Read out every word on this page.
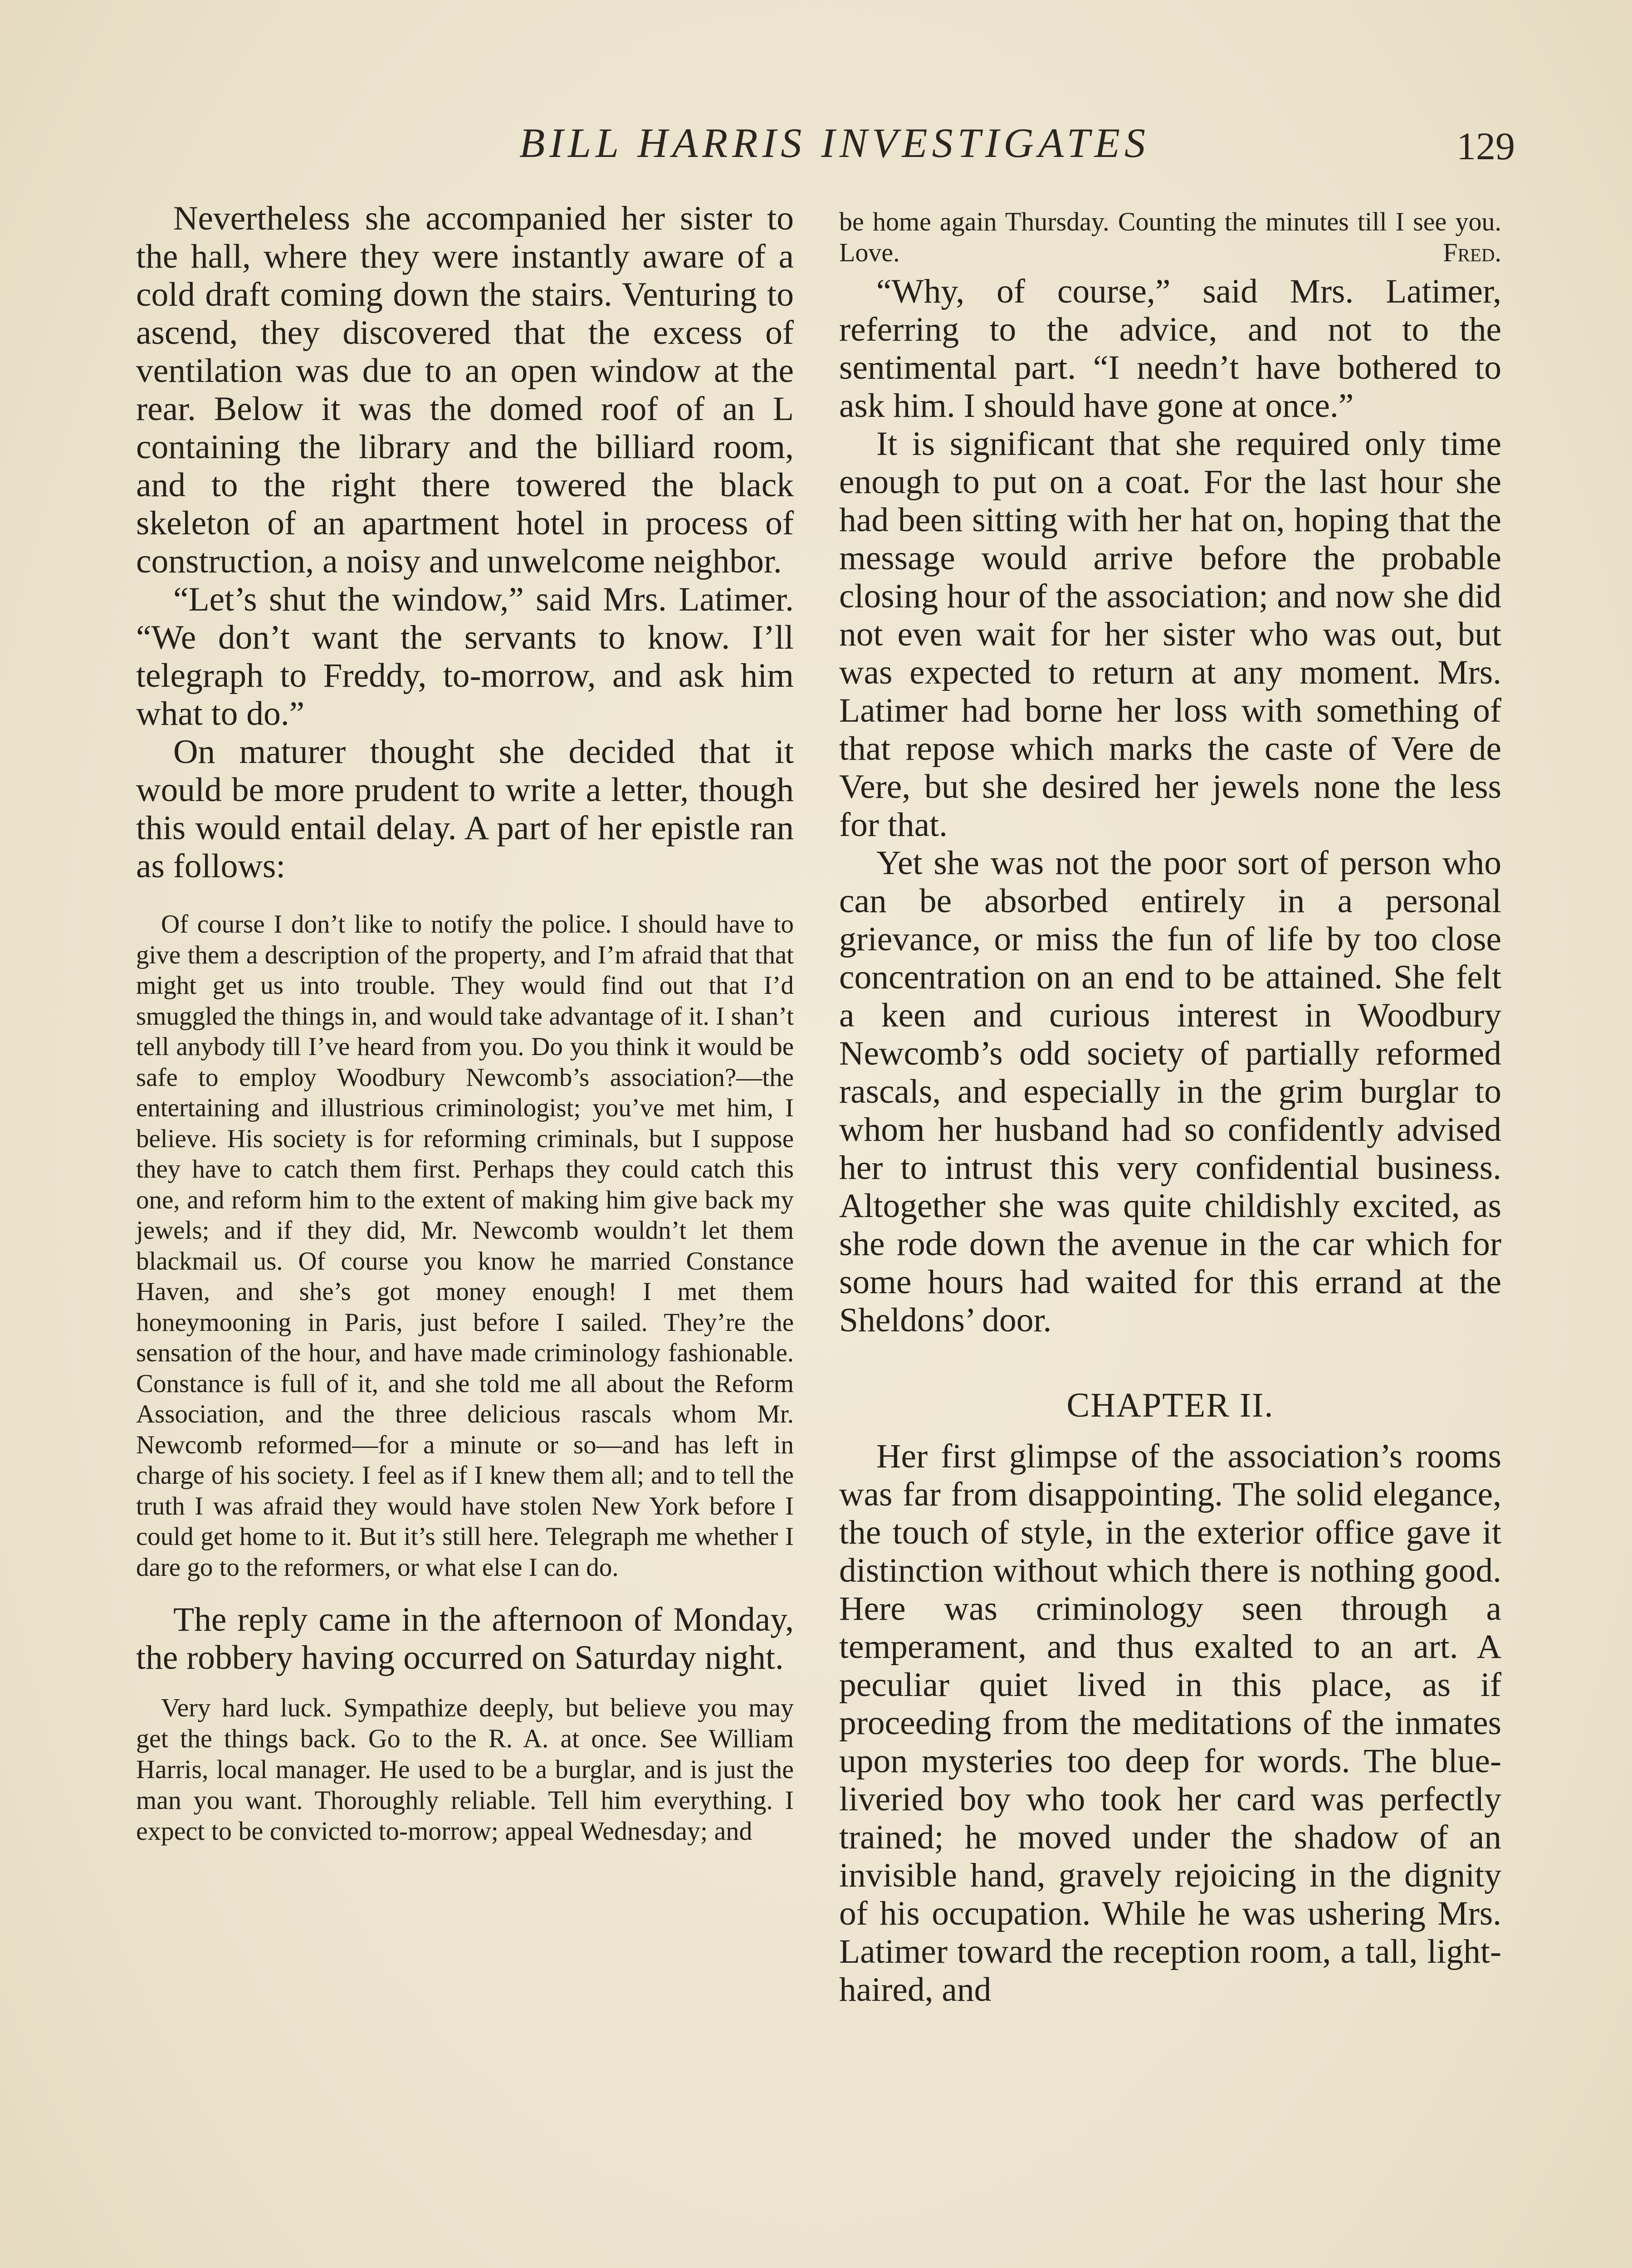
BILL HARRIS INVESTIGATES	129

Nevertheless she accompanied her sister to the hall, where they were instantly aware of a cold draft coming down the stairs. Venturing to ascend, they discovered that the excess of ventilation was due to an open window at the rear. Below it was the domed roof of an L containing the library and the billiard room, and to the right there towered the black skeleton of an apartment hotel in process of construction, a noisy and unwelcome neighbor.

“Let’s shut the window,” said Mrs. Latimer. “We don’t want the servants to know. I’ll telegraph to Freddy, to-morrow, and ask him what to do.”

On maturer thought she decided that it would be more prudent to write a letter, though this would entail delay. A part of her epistle ran as follows:

Of course I don’t like to notify the police. I should have to give them a description of the property, and I’m afraid that that might get us into trouble. They would find out that I’d smuggled the things in, and would take advantage of it. I shan’t tell anybody till I’ve heard from you. Do you think it would be safe to employ Woodbury Newcomb’s association?—the entertaining and illustrious criminologist; you’ve met him, I believe. His society is for reforming criminals, but I suppose they have to catch them first. Perhaps they could catch this one, and reform him to the extent of making him give back my jewels; and if they did, Mr. Newcomb wouldn’t let them blackmail us. Of course you know he married Constance Haven, and she’s got money enough! I met them honeymooning in Paris, just before I sailed. They’re the sensation of the hour, and have made criminology fashionable. Constance is full of it, and she told me all about the Reform Association, and the three delicious rascals whom Mr. Newcomb reformed—for a minute or so—and has left in charge of his society. I feel as if I knew them all; and to tell the truth I was afraid they would have stolen New York before I could get home to it. But it’s still here. Telegraph me whether I dare go to the reformers, or what else I can do.

The reply came in the afternoon of Monday, the robbery having occurred on Saturday night.

Very hard luck. Sympathize deeply, but believe you may get the things back. Go to the R. A. at once. See William Harris, local manager. He used to be a burglar, and is just the man you want. Thoroughly reliable. Tell him everything. I expect to be convicted to-morrow; appeal Wednesday; and

be home again Thursday. Counting the minutes till I see you. Love.	Fred.

“Why, of course,” said Mrs. Latimer, referring to the advice, and not to the sentimental part. “I needn’t have bothered to ask him. I should have gone at once.”

It is significant that she required only time enough to put on a coat. For the last hour she had been sitting with her hat on, hoping that the message would arrive before the probable closing hour of the association; and now she did not even wait for her sister who was out, but was expected to return at any moment. Mrs. Latimer had borne her loss with something of that repose which marks the caste of Vere de Vere, but she desired her jewels none the less for that.

Yet she was not the poor sort of person who can be absorbed entirely in a personal grievance, or miss the fun of life by too close concentration on an end to be attained. She felt a keen and curious interest in Woodbury Newcomb’s odd society of partially reformed rascals, and especially in the grim burglar to whom her husband had so confidently advised her to intrust this very confidential business. Altogether she was quite childishly excited, as she rode down the avenue in the car which for some hours had waited for this errand at the Sheldons’ door.

CHAPTER II.

Her first glimpse of the association’s rooms was far from disappointing. The solid elegance, the touch of style, in the exterior office gave it distinction without which there is nothing good. Here was criminology seen through a temperament, and thus exalted to an art. A peculiar quiet lived in this place, as if proceeding from the meditations of the inmates upon mysteries too deep for words. The blue-liveried boy who took her card was perfectly trained; he moved under the shadow of an invisible hand, gravely rejoicing in the dignity of his occupation. While he was ushering Mrs. Latimer toward the reception room, a tall, light-haired, and
